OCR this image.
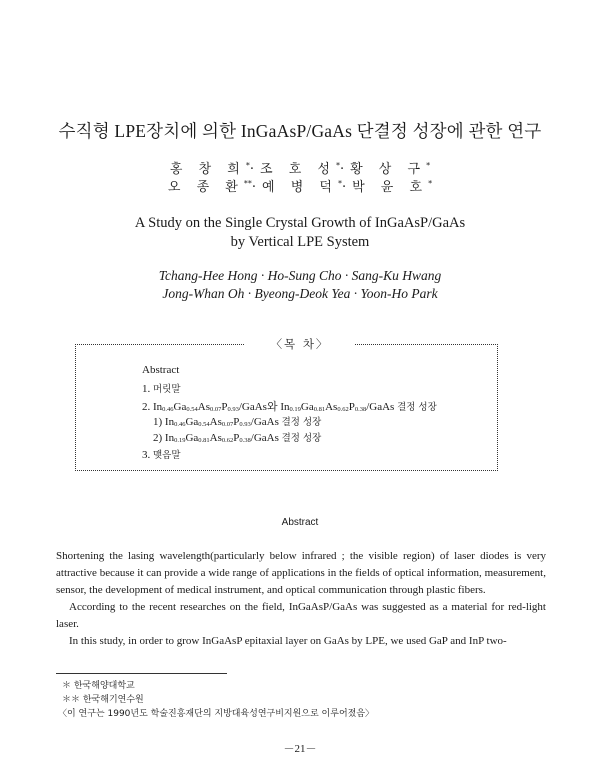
수직형 LPE장치에 의한 InGaAsP/GaAs 단결정 성장에 관한 연구
홍 창 희*·조 호 성*·황 상 구*
오 종 환**·예 병 덕*·박 윤 호*
A Study on the Single Crystal Growth of InGaAsP/GaAs
by Vertical LPE System
Tchang-Hee Hong · Ho-Sung Cho · Sang-Ku Hwang
Jong-Whan Oh · Byeong-Deok Yea · Yoon-Ho Park
〈목 차〉
Abstract
1. 머릿말
2. $In_{0.46}Ga_{0.54}As_{0.07}P_{0.93}$/GaAs와 $In_{0.19}Ga_{0.81}As_{0.62}P_{0.38}$/GaAs 결정 성장
1) $In_{0.46}Ga_{0.54}As_{0.07}P_{0.93}$/GaAs 결정 성장
2) $In_{0.19}Ga_{0.81}As_{0.62}P_{0.38}$/GaAs 결정 성장
3. 맺음말
Abstract
Shortening the lasing wavelength(particularly below infrared ; the visible region) of laser diodes is very attractive because it can provide a wide range of applications in the fields of optical information, measurement, sensor, the development of medical instrument, and optical communication through plastic fibers.
According to the recent researches on the field, InGaAsP/GaAs was suggested as a material for red-light laser.
In this study, in order to grow InGaAsP epitaxial layer on GaAs by LPE, we used GaP and InP two-
＊ 한국해양대학교
＊＊ 한국해기연수원
〈이 연구는 1990년도 학술진흥재단의 지방대육성연구비지원으로 이루어졌음〉
－21－
